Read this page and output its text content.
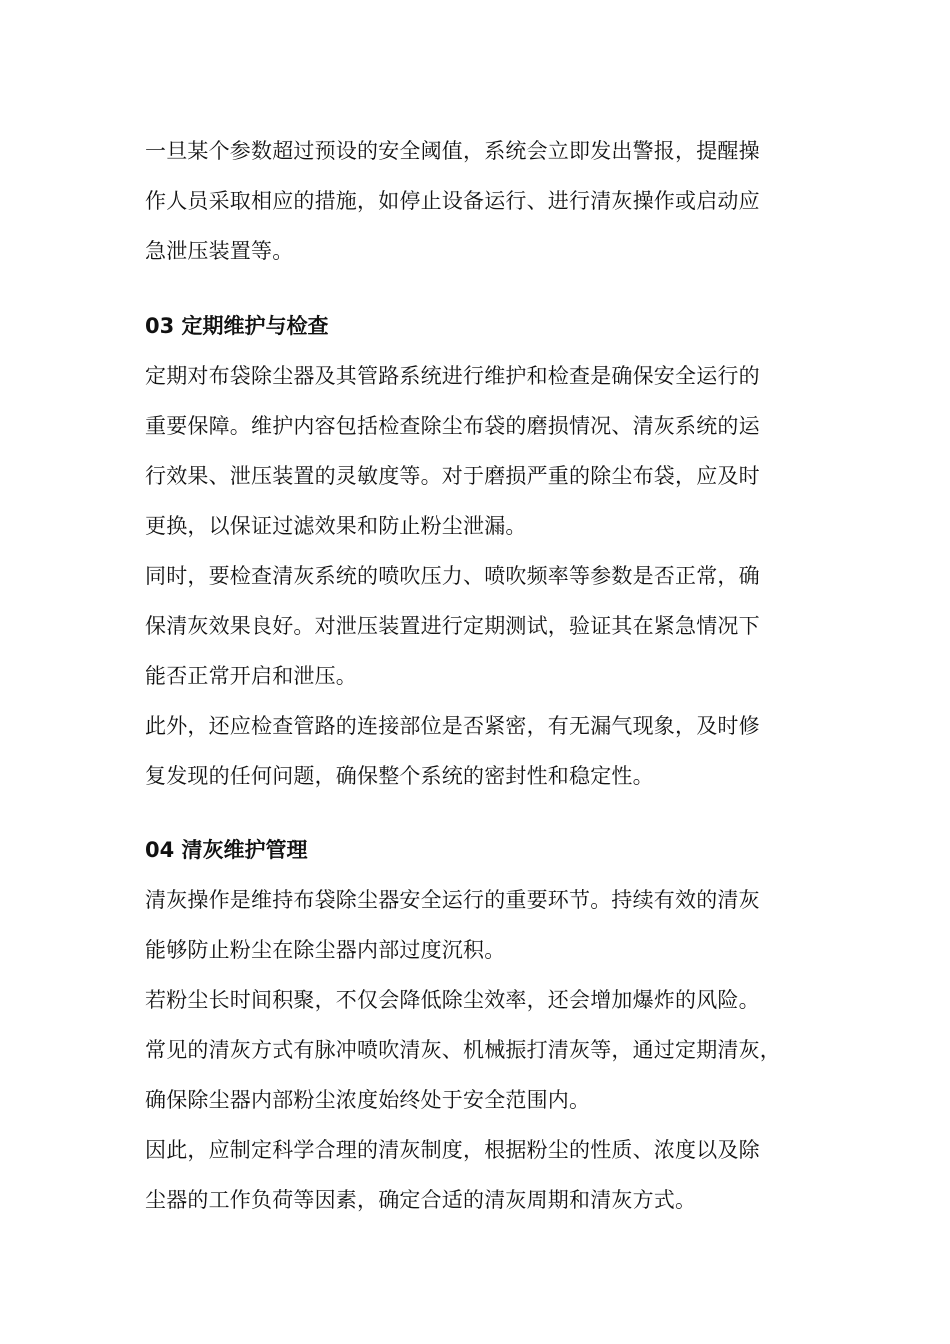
一旦某个参数超过预设的安全阈值，系统会立即发出警报，提醒操
作人员采取相应的措施，如停止设备运行、进行清灰操作或启动应
急泄压装置等。
03 定期维护与检查
定期对布袋除尘器及其管路系统进行维护和检查是确保安全运行的
重要保障。维护内容包括检查除尘布袋的磨损情况、清灰系统的运
行效果、泄压装置的灵敏度等。对于磨损严重的除尘布袋，应及时
更换，以保证过滤效果和防止粉尘泄漏。
同时，要检查清灰系统的喷吹压力、喷吹频率等参数是否正常，确
保清灰效果良好。对泄压装置进行定期测试，验证其在紧急情况下
能否正常开启和泄压。
此外，还应检查管路的连接部位是否紧密，有无漏气现象，及时修
复发现的任何问题，确保整个系统的密封性和稳定性。
04 清灰维护管理
清灰操作是维持布袋除尘器安全运行的重要环节。持续有效的清灰
能够防止粉尘在除尘器内部过度沉积。
若粉尘长时间积聚，不仅会降低除尘效率，还会增加爆炸的风险。
常见的清灰方式有脉冲喷吹清灰、机械振打清灰等，通过定期清灰，
确保除尘器内部粉尘浓度始终处于安全范围内。
因此，应制定科学合理的清灰制度，根据粉尘的性质、浓度以及除
尘器的工作负荷等因素，确定合适的清灰周期和清灰方式。
